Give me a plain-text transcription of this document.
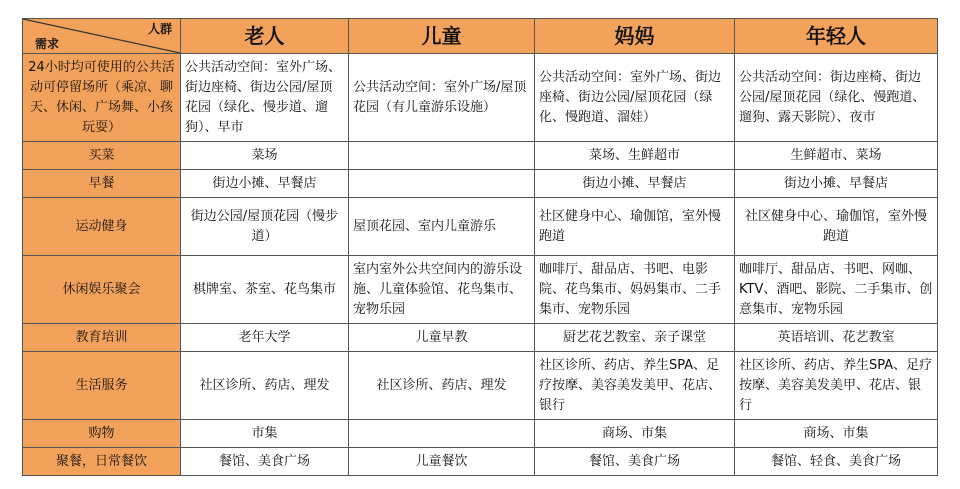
人群
需求	老人	儿童	妈妈	年轻人
24小时均可使用的公共活动可停留场所（乘凉、聊天、休闲、广场舞、小孩玩耍）	公共活动空间：室外广场、街边座椅、街边公园/屋顶花园（绿化、慢步道、遛狗）、早市	公共活动空间：室外广场/屋顶花园（有儿童游乐设施）	公共活动空间：室外广场、街边座椅、街边公园/屋顶花园（绿化、慢跑道、溜娃）	公共活动空间：街边座椅、街边公园/屋顶花园（绿化、慢跑道、遛狗、露天影院）、夜市
买菜	菜场		菜场、生鲜超市	生鲜超市、菜场
早餐	街边小摊、早餐店		街边小摊、早餐店	街边小摊、早餐店
运动健身	街边公园/屋顶花园（慢步道）	屋顶花园、室内儿童游乐	社区健身中心、瑜伽馆，室外慢跑道	社区健身中心、瑜伽馆，室外慢跑道
休闲娱乐聚会	棋牌室、茶室、花鸟集市	室内室外公共空间内的游乐设施、儿童体验馆、花鸟集市、宠物乐园	咖啡厅、甜品店、书吧、电影院、花鸟集市、妈妈集市、二手集市、宠物乐园	咖啡厅、甜品店、书吧、网咖、KTV、酒吧、影院、二手集市、创意集市、宠物乐园
教育培训	老年大学	儿童早教	厨艺花艺教室、亲子课堂	英语培训、花艺教室
生活服务	社区诊所、药店、理发	社区诊所、药店、理发	社区诊所、药店、养生SPA、足疗按摩、美容美发美甲、花店、银行	社区诊所、药店、养生SPA、足疗按摩、美容美发美甲、花店、银行
购物	市集		商场、市集	商场、市集
聚餐，日常餐饮	餐馆、美食广场	儿童餐饮	餐馆、美食广场	餐馆、轻食、美食广场
